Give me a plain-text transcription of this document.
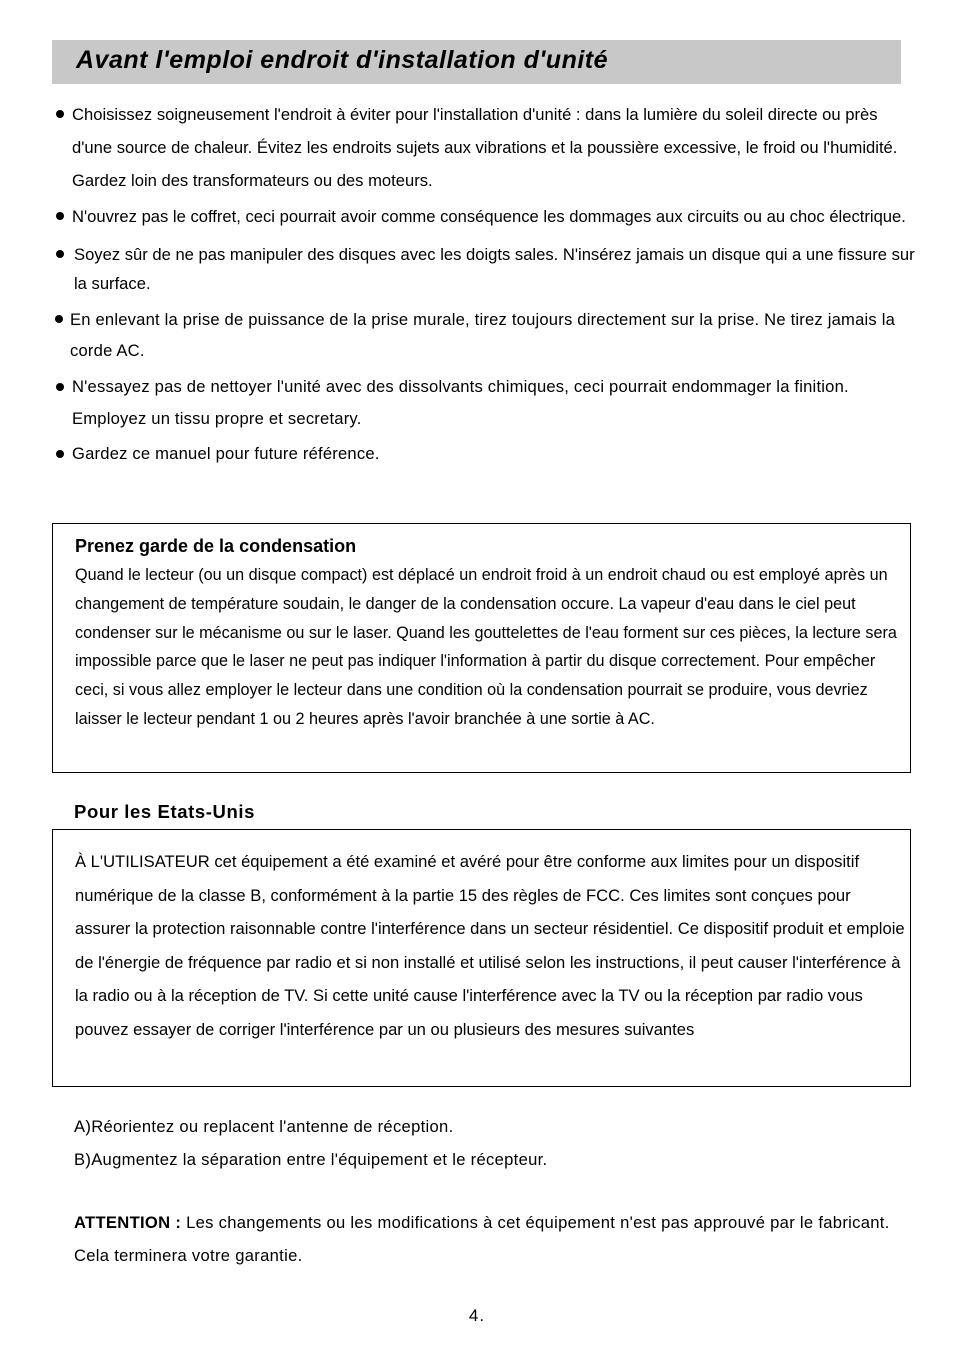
Avant l'emploi endroit d'installation d'unité

Choisissez soigneusement l'endroit à éviter pour l'installation d'unité : dans la lumière du soleil directe ou près d'une source de chaleur. Évitez les endroits sujets aux vibrations et la poussière excessive, le froid ou l'humidité. Gardez loin des transformateurs ou des moteurs.

N'ouvrez pas le coffret, ceci pourrait avoir comme conséquence les dommages aux circuits ou au choc électrique.

Soyez sûr de ne pas manipuler des disques avec les doigts sales. N'insérez jamais un disque qui a une fissure sur la surface.

En enlevant la prise de puissance de la prise murale, tirez toujours directement sur la prise. Ne tirez jamais la corde AC.

N'essayez pas de nettoyer l'unité avec des dissolvants chimiques, ceci pourrait endommager la finition. Employez un tissu propre et secretary.

Gardez ce manuel pour future référence.

Prenez garde de la condensation

Quand le lecteur (ou un disque compact) est déplacé un endroit froid à un endroit chaud ou est employé après un changement de température soudain, le danger de la condensation occure. La vapeur d'eau dans le ciel peut condenser sur le mécanisme ou sur le laser. Quand les gouttelettes de l'eau forment sur ces pièces, la lecture sera impossible parce que le laser ne peut pas indiquer l'information à partir du disque correctement. Pour empêcher ceci, si vous allez employer le lecteur dans une condition où la condensation pourrait se produire, vous devriez laisser le lecteur pendant 1 ou 2 heures après l'avoir branchée à une sortie à AC.

Pour les Etats-Unis

À L'UTILISATEUR cet équipement a été examiné et avéré pour être conforme aux limites pour un dispositif numérique de la classe B, conformément à la partie 15 des règles de FCC. Ces limites sont conçues pour assurer la protection raisonnable contre l'interférence dans un secteur résidentiel. Ce dispositif produit et emploie de l'énergie de fréquence par radio et si non installé et utilisé selon les instructions, il peut causer l'interférence à la radio ou à la réception de TV. Si cette unité cause l'interférence avec la TV ou la réception par radio vous pouvez essayer de corriger l'interférence par un ou plusieurs des mesures suivantes

A)Réorientez ou replacent l'antenne de réception.
B)Augmentez la séparation entre l'équipement et le récepteur.

ATTENTION : Les changements ou les modifications à cet équipement n'est pas approuvé par le fabricant. Cela terminera votre garantie.

4.
